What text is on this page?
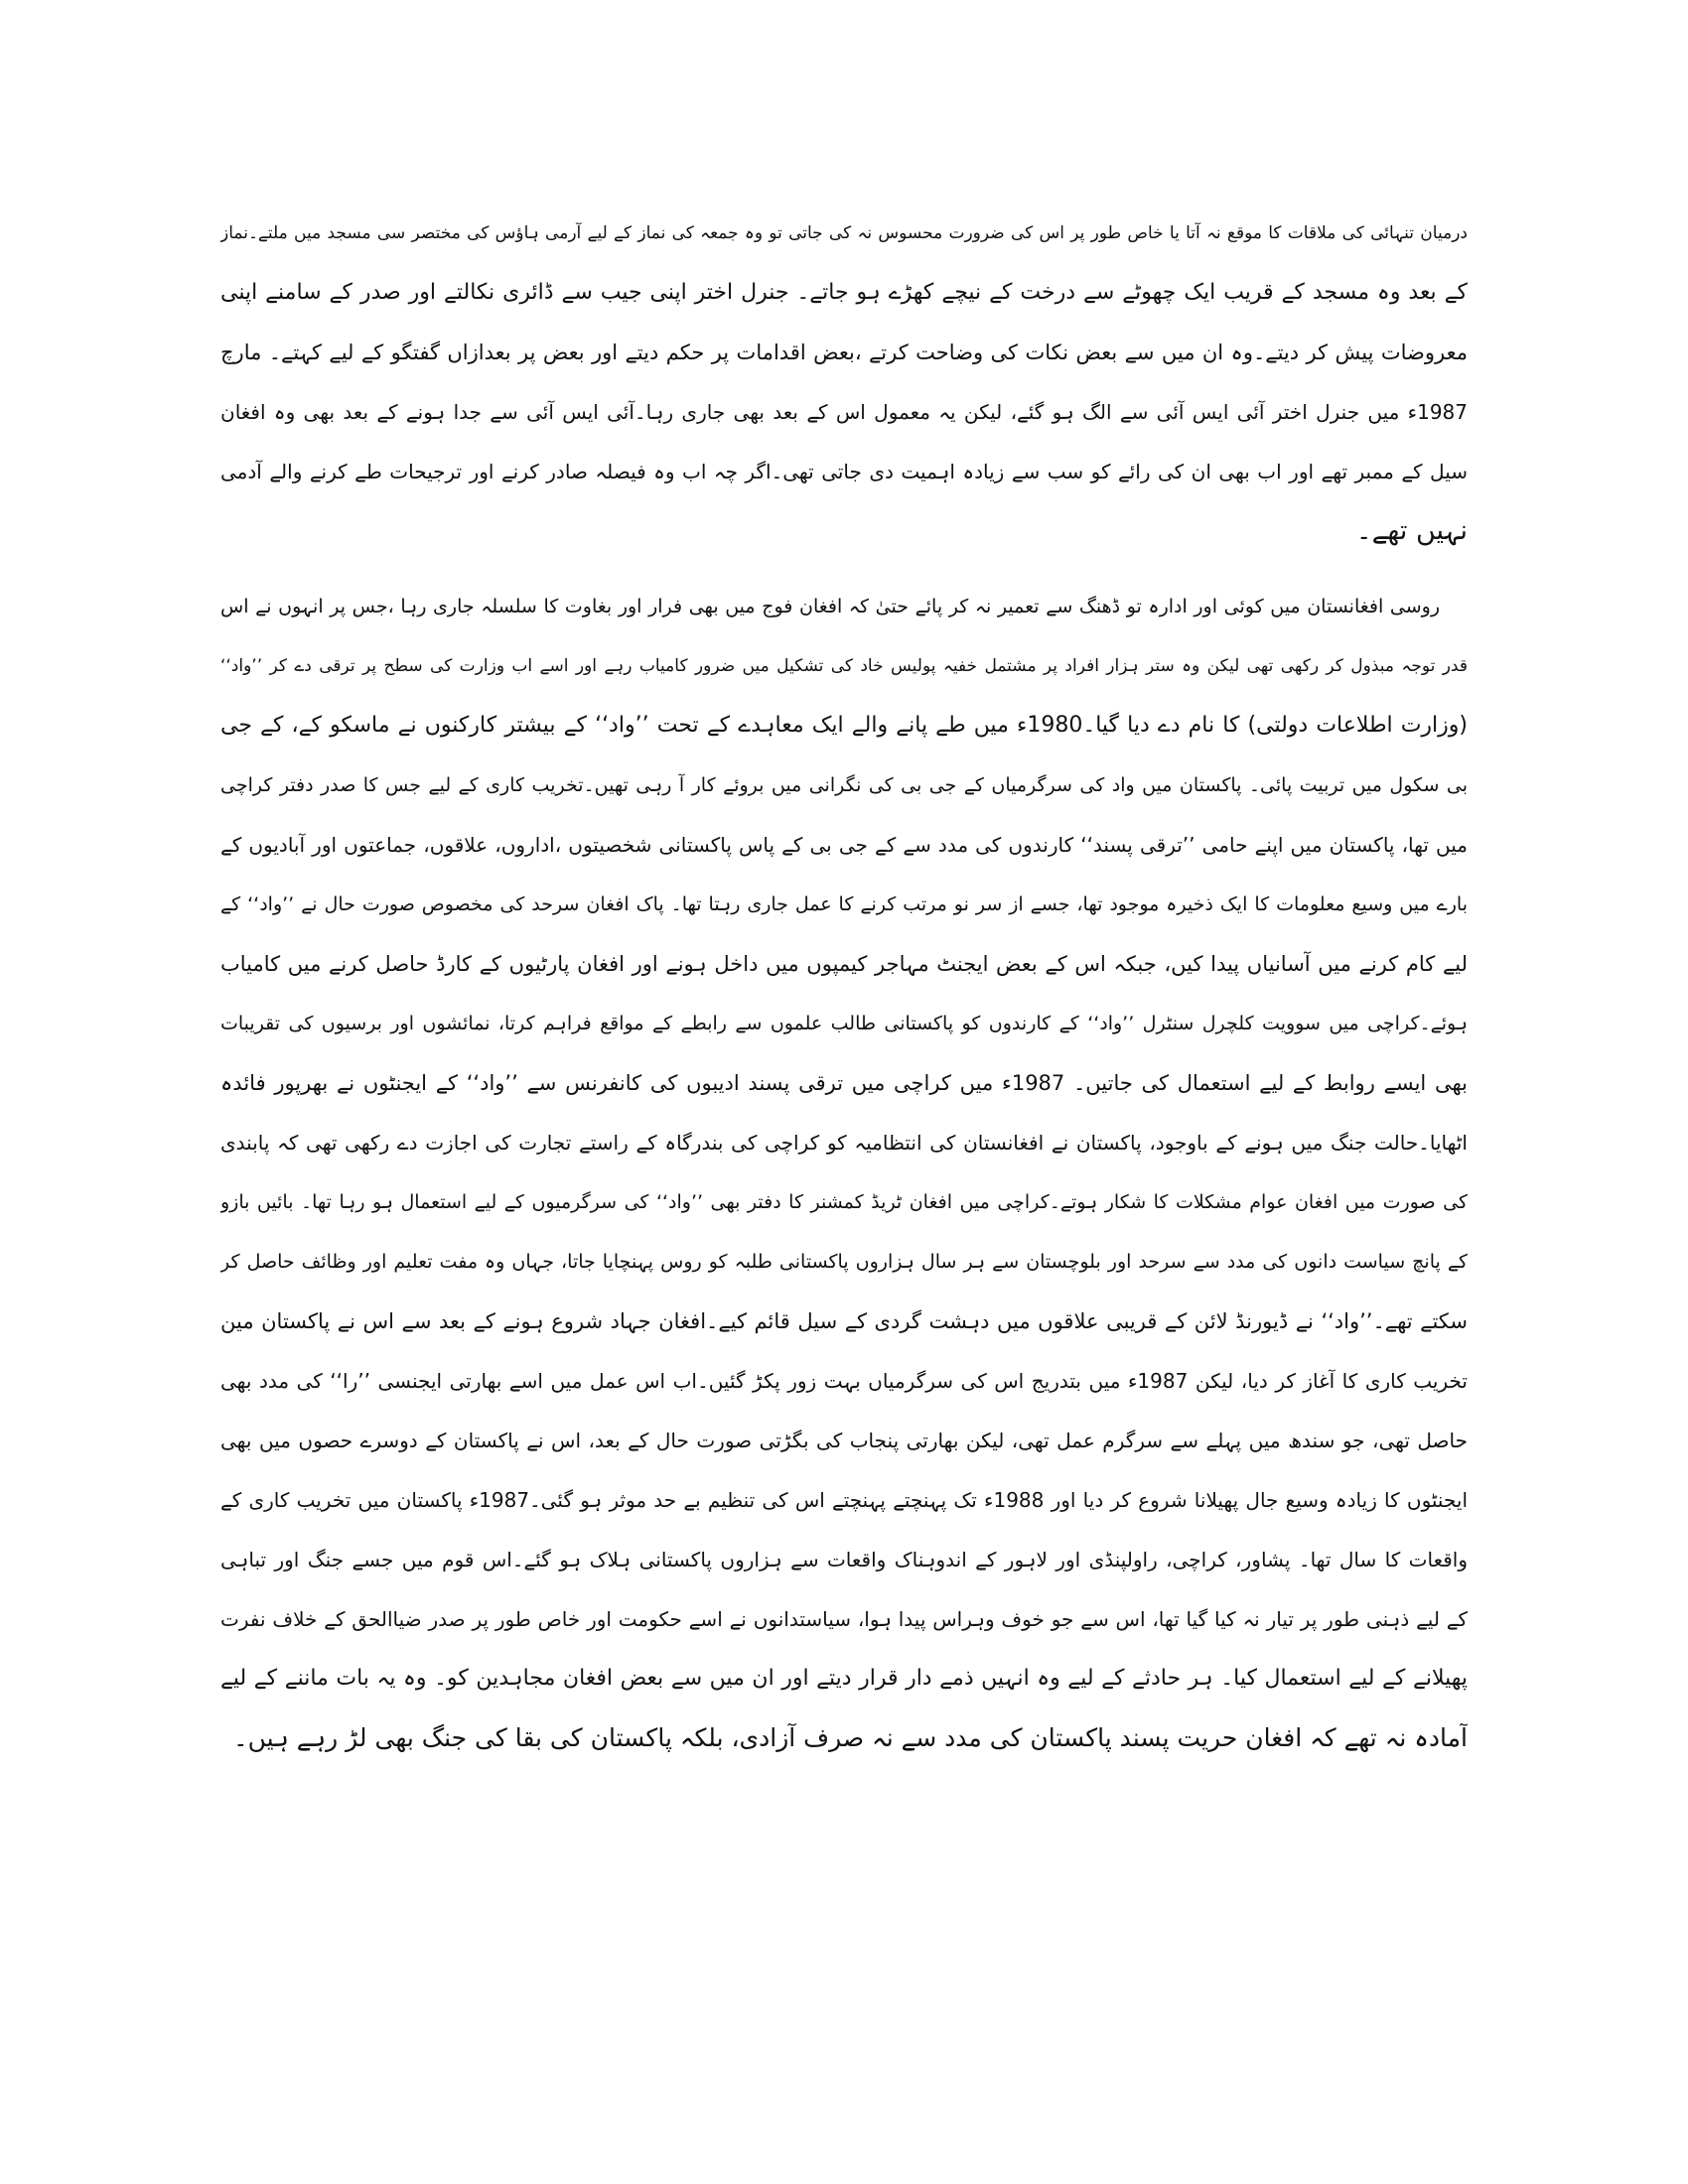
درمیان تنہائی کی ملاقات کا موقع نہ آتا یا خاص طور پر اس کی ضرورت محسوس نہ کی جاتی تو وہ جمعہ کی نماز کے لیے آرمی ہاؤس کی مختصر سی مسجد میں ملتے۔نماز
کے بعد وہ مسجد کے قریب ایک چھوٹے سے درخت کے نیچے کھڑے ہو جاتے۔ جنرل اختر اپنی جیب سے ڈائری نکالتے اور صدر کے سامنے اپنی
معروضات پیش کر دیتے۔وہ ان میں سے بعض نکات کی وضاحت کرتے ،بعض اقدامات پر حکم دیتے اور بعض پر بعدازاں گفتگو کے لیے کہتے۔ مارچ
1987ء میں جنرل اختر آئی ایس آئی سے الگ ہو گئے، لیکن یہ معمول اس کے بعد بھی جاری رہا۔آئی ایس آئی سے جدا ہونے کے بعد بھی وہ افغان
سیل کے ممبر تھے اور اب بھی ان کی رائے کو سب سے زیادہ اہمیت دی جاتی تھی۔اگر چہ اب وہ فیصلہ صادر کرنے اور ترجیحات طے کرنے والے آدمی
نہیں تھے۔
روسی افغانستان میں کوئی اور ادارہ تو ڈھنگ سے تعمیر نہ کر پائے حتیٰ کہ افغان فوج میں بھی فرار اور بغاوت کا سلسلہ جاری رہا ،جس پر انہوں نے اس
قدر توجہ مبذول کر رکھی تھی لیکن وہ ستر ہزار افراد پر مشتمل خفیہ پولیس خاد کی تشکیل میں ضرور کامیاب رہے اور اسے اب وزارت کی سطح پر ترقی دے کر ’’واد‘‘
(وزارت اطلاعات دولتی) کا نام دے دیا گیا۔1980ء میں طے پانے والے ایک معاہدے کے تحت ’’واد‘‘ کے بیشتر کارکنوں نے ماسکو کے، کے جی
بی سکول میں تربیت پائی۔ پاکستان میں واد کی سرگرمیاں کے جی بی کی نگرانی میں بروئے کار آ رہی تھیں۔تخریب کاری کے لیے جس کا صدر دفتر کراچی
میں تھا، پاکستان میں اپنے حامی ’’ترقی پسند‘‘ کارندوں کی مدد سے کے جی بی کے پاس پاکستانی شخصیتوں ،اداروں، علاقوں، جماعتوں اور آبادیوں کے
بارے میں وسیع معلومات کا ایک ذخیرہ موجود تھا، جسے از سر نو مرتب کرنے کا عمل جاری رہتا تھا۔ پاک افغان سرحد کی مخصوص صورت حال نے ’’واد‘‘ کے
لیے کام کرنے میں آسانیاں پیدا کیں، جبکہ اس کے بعض ایجنٹ مہاجر کیمپوں میں داخل ہونے اور افغان پارٹیوں کے کارڈ حاصل کرنے میں کامیاب
ہوئے۔کراچی میں سوویت کلچرل سنٹرل ’’واد‘‘ کے کارندوں کو پاکستانی طالب علموں سے رابطے کے مواقع فراہم کرتا، نمائشوں اور برسیوں کی تقریبات
بھی ایسے روابط کے لیے استعمال کی جاتیں۔ 1987ء میں کراچی میں ترقی پسند ادیبوں کی کانفرنس سے ’’واد‘‘ کے ایجنٹوں نے بھرپور فائدہ
اٹھایا۔حالت جنگ میں ہونے کے باوجود، پاکستان نے افغانستان کی انتظامیہ کو کراچی کی بندرگاہ کے راستے تجارت کی اجازت دے رکھی تھی کہ پابندی
کی صورت میں افغان عوام مشکلات کا شکار ہوتے۔کراچی میں افغان ٹریڈ کمشنر کا دفتر بھی ’’واد‘‘ کی سرگرمیوں کے لیے استعمال ہو رہا تھا۔ بائیں بازو
کے پانچ سیاست دانوں کی مدد سے سرحد اور بلوچستان سے ہر سال ہزاروں پاکستانی طلبہ کو روس پہنچایا جاتا، جہاں وہ مفت تعلیم اور وظائف حاصل کر
سکتے تھے۔’’واد‘‘ نے ڈیورنڈ لائن کے قریبی علاقوں میں دہشت گردی کے سیل قائم کیے۔افغان جہاد شروع ہونے کے بعد سے اس نے پاکستان مین
تخریب کاری کا آغاز کر دیا، لیکن 1987ء میں بتدریج اس کی سرگرمیاں بہت زور پکڑ گئیں۔اب اس عمل میں اسے بھارتی ایجنسی ’’را‘‘ کی مدد بھی
حاصل تھی، جو سندھ میں پہلے سے سرگرم عمل تھی، لیکن بھارتی پنجاب کی بگڑتی صورت حال کے بعد، اس نے پاکستان کے دوسرے حصوں میں بھی
ایجنٹوں کا زیادہ وسیع جال پھیلانا شروع کر دیا اور 1988ء تک پہنچتے پہنچتے اس کی تنظیم بے حد موثر ہو گئی۔1987ء پاکستان میں تخریب کاری کے
واقعات کا سال تھا۔ پشاور، کراچی، راولپنڈی اور لاہور کے اندوہناک واقعات سے ہزاروں پاکستانی ہلاک ہو گئے۔اس قوم میں جسے جنگ اور تباہی
کے لیے ذہنی طور پر تیار نہ کیا گیا تھا، اس سے جو خوف وہراس پیدا ہوا، سیاستدانوں نے اسے حکومت اور خاص طور پر صدر ضیاالحق کے خلاف نفرت
پھیلانے کے لیے استعمال کیا۔ ہر حادثے کے لیے وہ انہیں ذمے دار قرار دیتے اور ان میں سے بعض افغان مجاہدین کو۔ وہ یہ بات ماننے کے لیے
آمادہ نہ تھے کہ افغان حریت پسند پاکستان کی مدد سے نہ صرف آزادی، بلکہ پاکستان کی بقا کی جنگ بھی لڑ رہے ہیں۔
